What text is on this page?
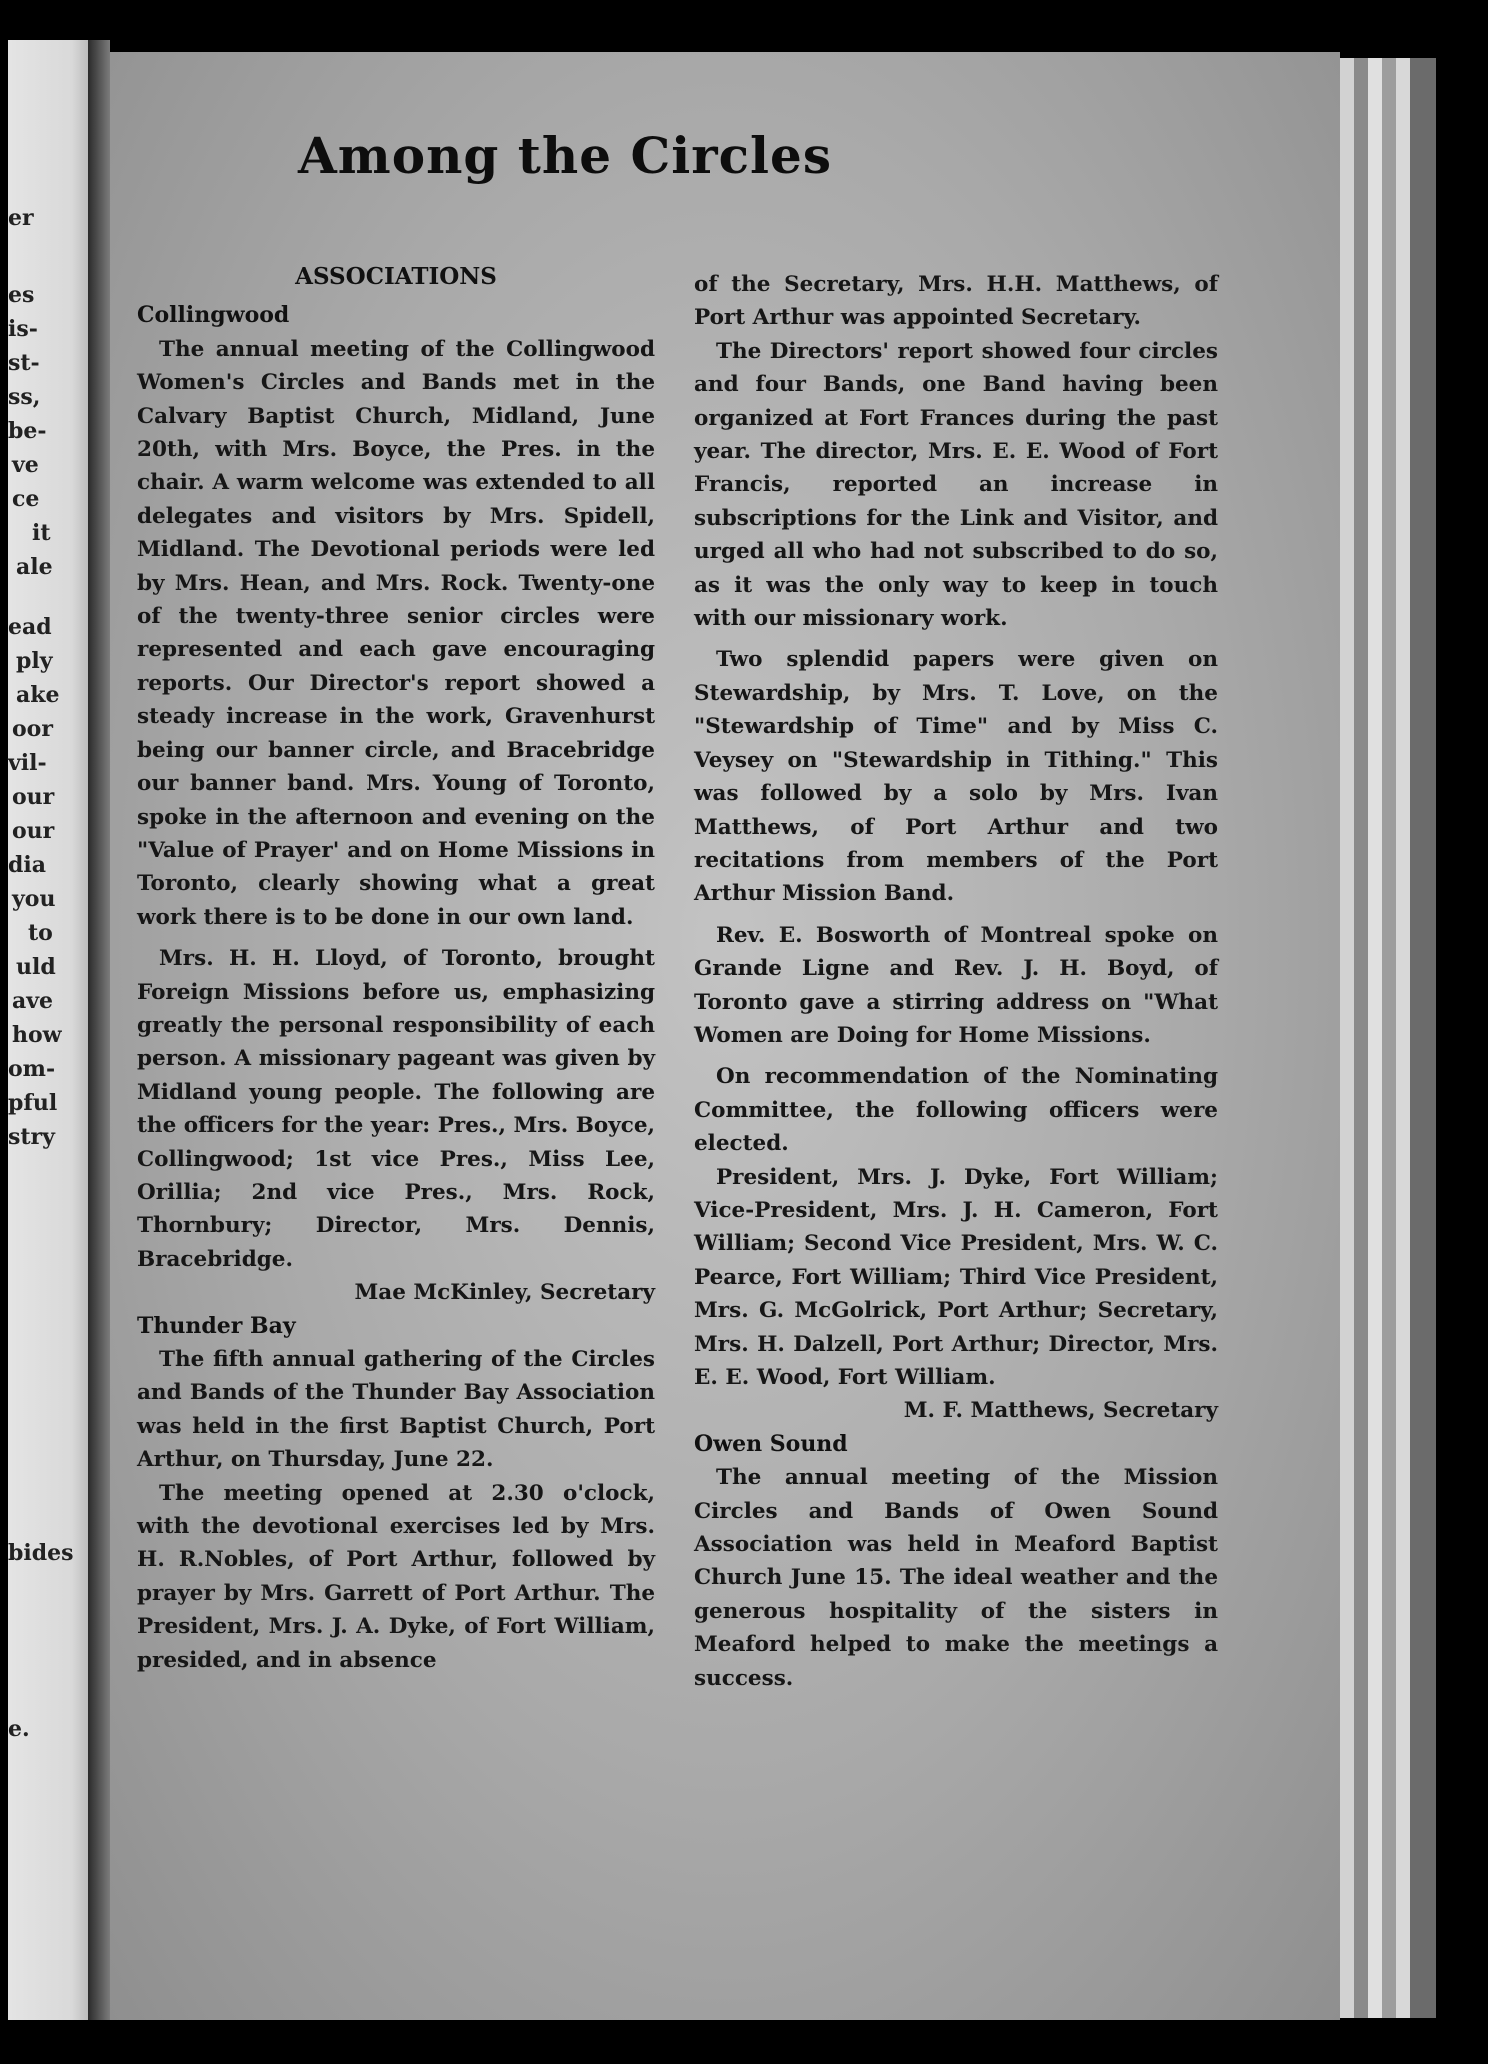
er

es

is-

st-

ss,

be-

ve

ce

it

ale

ead

ply

ake

oor

vil-

our

our

dia

you

to

uld

ave

how

om-

pful

stry

bides

e.

Among the Circles
ASSOCIATIONS
Collingwood

The annual meeting of the Collingwood Women's Circles and Bands met in the Calvary Baptist Church, Midland, June 20th, with Mrs. Boyce, the Pres. in the chair. A warm welcome was extended to all delegates and visitors by Mrs. Spidell, Midland. The Devotional periods were led by Mrs. Hean, and Mrs. Rock. Twenty-one of the twenty-three senior circles were represented and each gave encouraging reports. Our Director's report showed a steady increase in the work, Gravenhurst being our banner circle, and Bracebridge our banner band. Mrs. Young of Toronto, spoke in the afternoon and evening on the "Value of Prayer' and on Home Missions in Toronto, clearly showing what a great work there is to be done in our own land.

Mrs. H. H. Lloyd, of Toronto, brought Foreign Missions before us, emphasizing greatly the personal responsibility of each person. A missionary pageant was given by Midland young people. The following are the officers for the year: Pres., Mrs. Boyce, Collingwood; 1st vice Pres., Miss Lee, Orillia; 2nd vice Pres., Mrs. Rock, Thornbury; Director, Mrs. Dennis, Bracebridge.

Mae McKinley, Secretary

Thunder Bay

The fifth annual gathering of the Circles and Bands of the Thunder Bay Association was held in the first Baptist Church, Port Arthur, on Thursday, June 22.

The meeting opened at 2.30 o'clock, with the devotional exercises led by Mrs. H. R.Nobles, of Port Arthur, followed by prayer by Mrs. Garrett of Port Arthur. The President, Mrs. J. A. Dyke, of Fort William, presided, and in absence

of the Secretary, Mrs. H.H. Matthews, of Port Arthur was appointed Secretary.

The Directors' report showed four circles and four Bands, one Band having been organized at Fort Frances during the past year. The director, Mrs. E. E. Wood of Fort Francis, reported an increase in subscriptions for the Link and Visitor, and urged all who had not subscribed to do so, as it was the only way to keep in touch with our missionary work.

Two splendid papers were given on Stewardship, by Mrs. T. Love, on the "Stewardship of Time" and by Miss C. Veysey on "Stewardship in Tithing." This was followed by a solo by Mrs. Ivan Matthews, of Port Arthur and two recitations from members of the Port Arthur Mission Band.

Rev. E. Bosworth of Montreal spoke on Grande Ligne and Rev. J. H. Boyd, of Toronto gave a stirring address on "What Women are Doing for Home Missions.

On recommendation of the Nominating Committee, the following officers were elected.

President, Mrs. J. Dyke, Fort William; Vice-President, Mrs. J. H. Cameron, Fort William; Second Vice President, Mrs. W. C. Pearce, Fort William; Third Vice President, Mrs. G. McGolrick, Port Arthur; Secretary, Mrs. H. Dalzell, Port Arthur; Director, Mrs. E. E. Wood, Fort William.

M. F. Matthews, Secretary

Owen Sound

The annual meeting of the Mission Circles and Bands of Owen Sound Association was held in Meaford Baptist Church June 15. The ideal weather and the generous hospitality of the sisters in Meaford helped to make the meetings a success.
